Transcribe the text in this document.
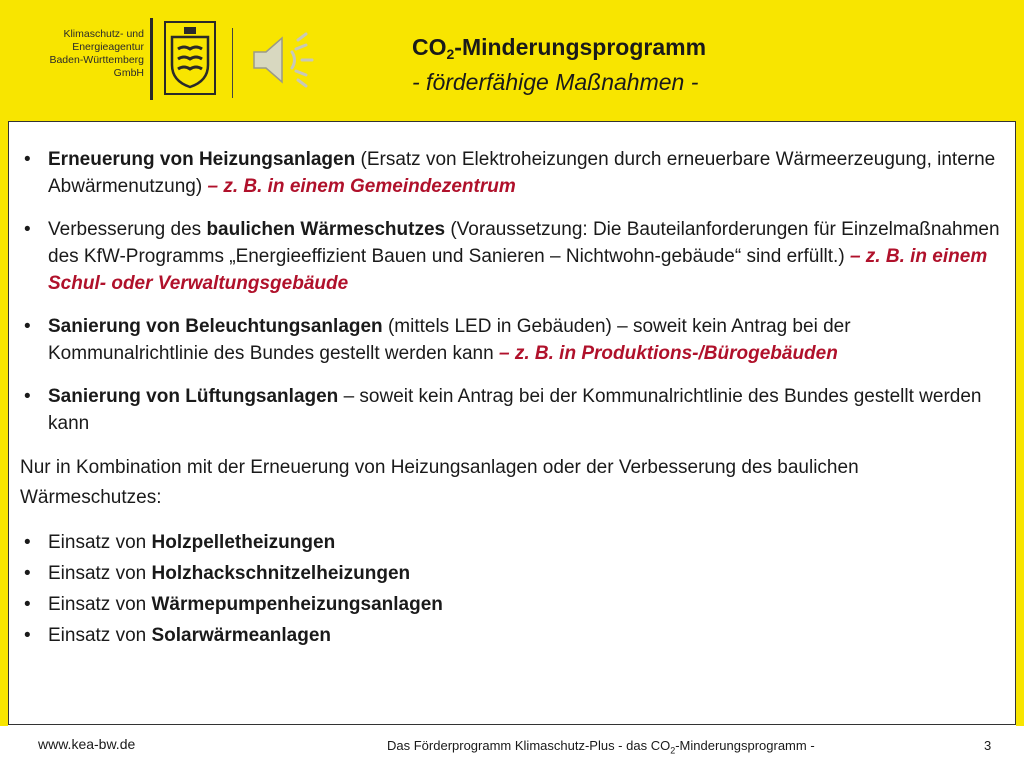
Klimaschutz- und
Energieagentur
Baden-Württemberg
GmbH
$CO_2$-Minderungsprogramm
- förderfähige Maßnahmen -
• Erneuerung von Heizungsanlagen (Ersatz von Elektroheizungen durch erneuerbare Wärmeerzeugung, interne Abwärmenutzung) – z. B. in einem Gemeindezentrum
• Verbesserung des baulichen Wärmeschutzes (Voraussetzung: Die Bauteilanforderungen für Einzelmaßnahmen des KfW-Programms „Energieeffizient Bauen und Sanieren – Nichtwohn-gebäude“ sind erfüllt.) – z. B. in einem Schul- oder Verwaltungsgebäude
• Sanierung von Beleuchtungsanlagen (mittels LED in Gebäuden) – soweit kein Antrag bei der Kommunalrichtlinie des Bundes gestellt werden kann – z. B. in Produktions-/Bürogebäuden
• Sanierung von Lüftungsanlagen – soweit kein Antrag bei der Kommunalrichtlinie des Bundes gestellt werden kann
Nur in Kombination mit der Erneuerung von Heizungsanlagen oder der Verbesserung des baulichen Wärmeschutzes:
• Einsatz von Holzpelletheizungen
• Einsatz von Holzhackschnitzelheizungen
• Einsatz von Wärmepumpenheizungsanlagen
• Einsatz von Solarwärmeanlagen
www.kea-bw.de	Das Förderprogramm Klimaschutz-Plus - das $CO_2$-Minderungsprogramm -	3
